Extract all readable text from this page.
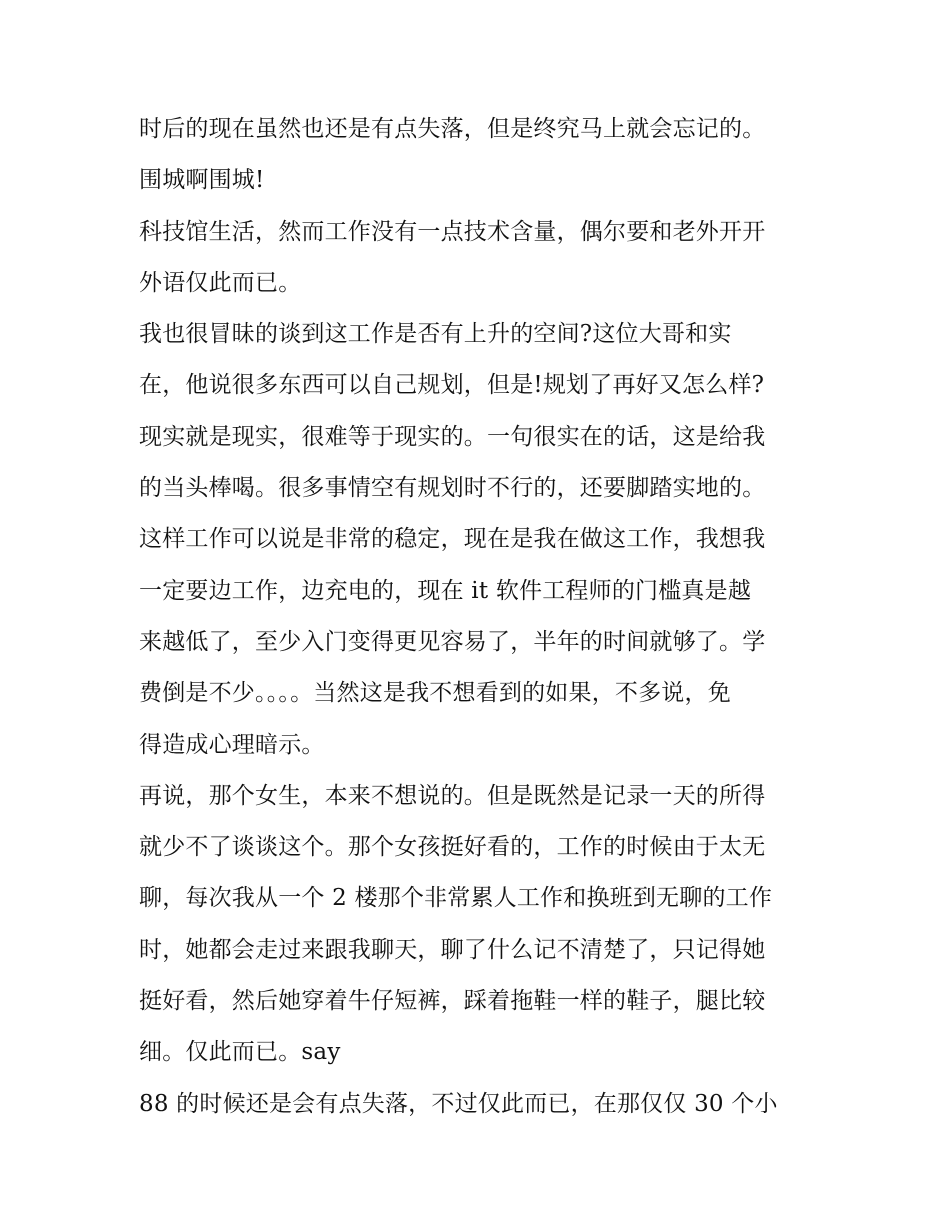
时后的现在虽然也还是有点失落，但是终究马上就会忘记的。
围城啊围城!
科技馆生活，然而工作没有一点技术含量，偶尔要和老外开开
外语仅此而已。
我也很冒昧的谈到这工作是否有上升的空间?这位大哥和实
在，他说很多东西可以自己规划，但是!规划了再好又怎么样?
现实就是现实，很难等于现实的。一句很实在的话，这是给我
的当头棒喝。很多事情空有规划时不行的，还要脚踏实地的。
这样工作可以说是非常的稳定，现在是我在做这工作，我想我
一定要边工作，边充电的，现在 it 软件工程师的门槛真是越
来越低了，至少入门变得更见容易了，半年的时间就够了。学
费倒是不少。。。。当然这是我不想看到的如果，不多说，免
得造成心理暗示。
再说，那个女生，本来不想说的。但是既然是记录一天的所得
就少不了谈谈这个。那个女孩挺好看的，工作的时候由于太无
聊，每次我从一个 2 楼那个非常累人工作和换班到无聊的工作
时，她都会走过来跟我聊天，聊了什么记不清楚了，只记得她
挺好看，然后她穿着牛仔短裤，踩着拖鞋一样的鞋子，腿比较
细。仅此而已。say
88 的时候还是会有点失落，不过仅此而已，在那仅仅 30 个小
